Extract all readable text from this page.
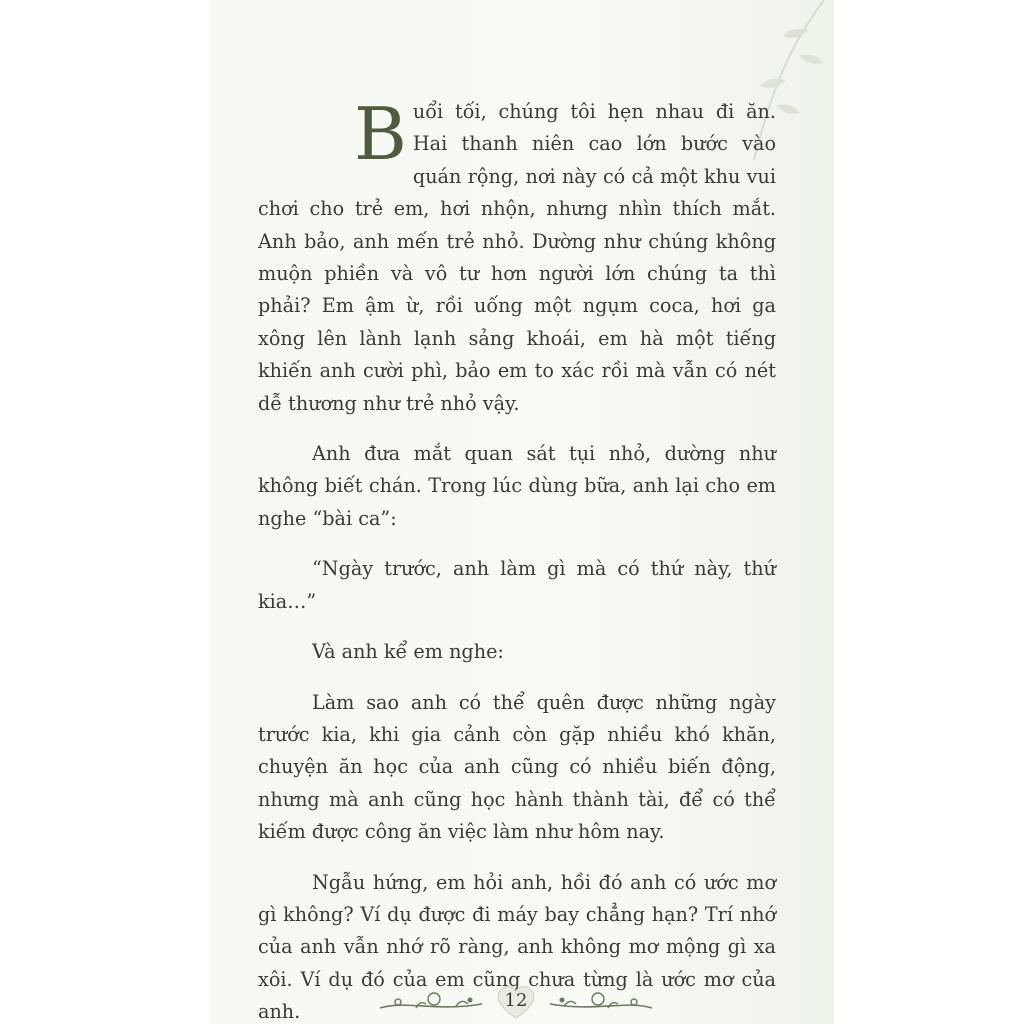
Buổi tối, chúng tôi hẹn nhau đi ăn. Hai thanh niên cao lớn bước vào quán rộng, nơi này có cả một khu vui chơi cho trẻ em, hơi nhộn, nhưng nhìn thích mắt. Anh bảo, anh mến trẻ nhỏ. Dường như chúng không muộn phiền và vô tư hơn người lớn chúng ta thì phải? Em ậm ừ, rồi uống một ngụm coca, hơi ga xông lên lành lạnh sảng khoái, em hà một tiếng khiến anh cười phì, bảo em to xác rồi mà vẫn có nét dễ thương như trẻ nhỏ vậy.

Anh đưa mắt quan sát tụi nhỏ, dường như không biết chán. Trong lúc dùng bữa, anh lại cho em nghe “bài ca”:

“Ngày trước, anh làm gì mà có thứ này, thứ kia…”

Và anh kể em nghe:

Làm sao anh có thể quên được những ngày trước kia, khi gia cảnh còn gặp nhiều khó khăn, chuyện ăn học của anh cũng có nhiều biến động, nhưng mà anh cũng học hành thành tài, để có thể kiếm được công ăn việc làm như hôm nay.

Ngẫu hứng, em hỏi anh, hồi đó anh có ước mơ gì không? Ví dụ được đi máy bay chẳng hạn? Trí nhớ của anh vẫn nhớ rõ ràng, anh không mơ mộng gì xa xôi. Ví dụ đó của em cũng chưa từng là ước mơ của anh.	12
